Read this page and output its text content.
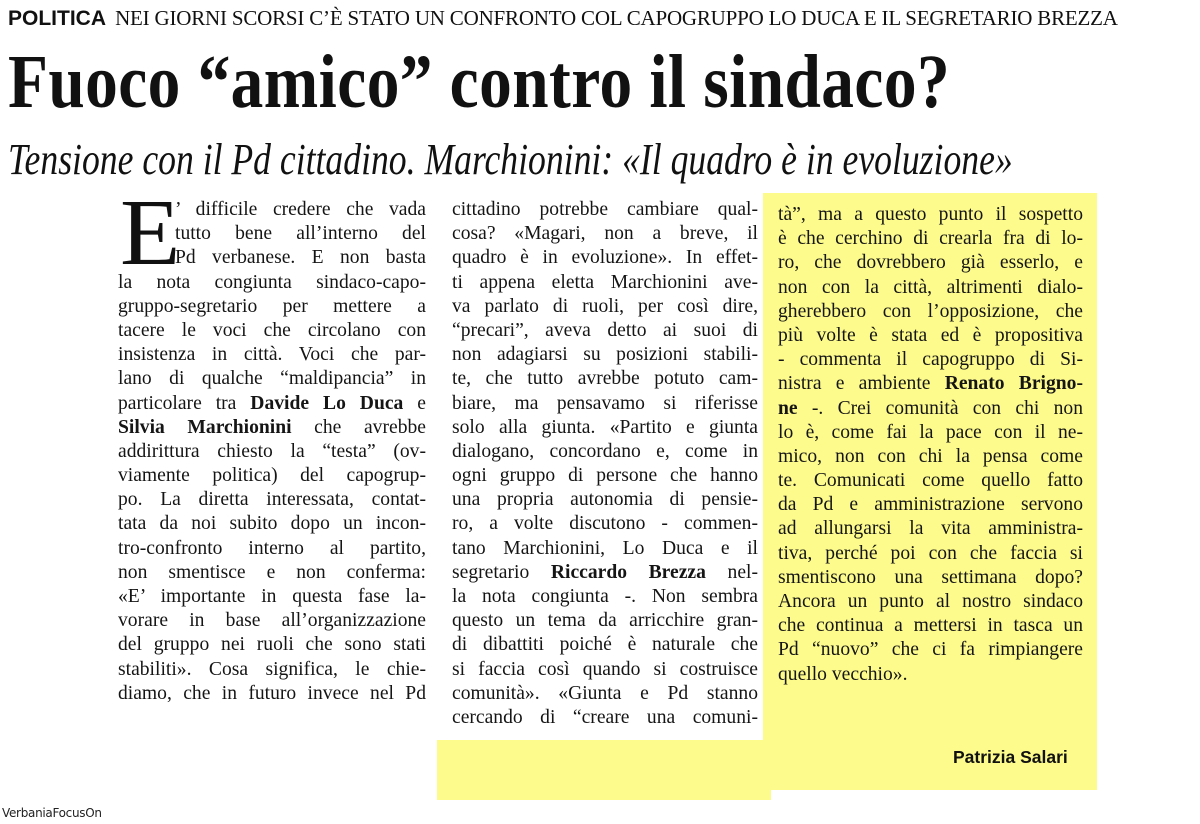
POLITICA NEI GIORNI SCORSI C’È STATO UN CONFRONTO COL CAPOGRUPPO LO DUCA E IL SEGRETARIO BREZZA
Fuoco “amico” contro il sindaco?
Tensione con il Pd cittadino. Marchionini: «Il quadro è in evoluzione»
E
’ difficile credere che vada
tutto bene all’interno del
Pd verbanese. E non basta
la nota congiunta sindaco-capo-
gruppo-segretario per mettere a
tacere le voci che circolano con
insistenza in città. Voci che par-
lano di qualche “maldipancia” in
particolare tra Davide Lo Duca e
Silvia Marchionini che avrebbe
addirittura chiesto la “testa” (ov-
viamente politica) del capogrup-
po. La diretta interessata, contat-
tata da noi subito dopo un incon-
tro-confronto interno al partito,
non smentisce e non conferma:
«E’ importante in questa fase la-
vorare in base all’organizzazione
del gruppo nei ruoli che sono stati
stabiliti». Cosa significa, le chie-
diamo, che in futuro invece nel Pd
cittadino potrebbe cambiare qual-
cosa? «Magari, non a breve, il
quadro è in evoluzione». In effet-
ti appena eletta Marchionini ave-
va parlato di ruoli, per così dire,
“precari”, aveva detto ai suoi di
non adagiarsi su posizioni stabili-
te, che tutto avrebbe potuto cam-
biare, ma pensavamo si riferisse
solo alla giunta. «Partito e giunta
dialogano, concordano e, come in
ogni gruppo di persone che hanno
una propria autonomia di pensie-
ro, a volte discutono - commen-
tano Marchionini, Lo Duca e il
segretario Riccardo Brezza nel-
la nota congiunta -. Non sembra
questo un tema da arricchire gran-
di dibattiti poiché è naturale che
si faccia così quando si costruisce
comunità». «Giunta e Pd stanno
cercando di “creare una comuni-
tà”, ma a questo punto il sospetto
è che cerchino di crearla fra di lo-
ro, che dovrebbero già esserlo, e
non con la città, altrimenti dialo-
gherebbero con l’opposizione, che
più volte è stata ed è propositiva
- commenta il capogruppo di Si-
nistra e ambiente Renato Brigno-
ne -. Crei comunità con chi non
lo è, come fai la pace con il ne-
mico, non con chi la pensa come
te. Comunicati come quello fatto
da Pd e amministrazione servono
ad allungarsi la vita amministra-
tiva, perché poi con che faccia si
smentiscono una settimana dopo?
Ancora un punto al nostro sindaco
che continua a mettersi in tasca un
Pd “nuovo” che ci fa rimpiangere
quello vecchio».
Patrizia Salari
VerbaniaFocusOn
